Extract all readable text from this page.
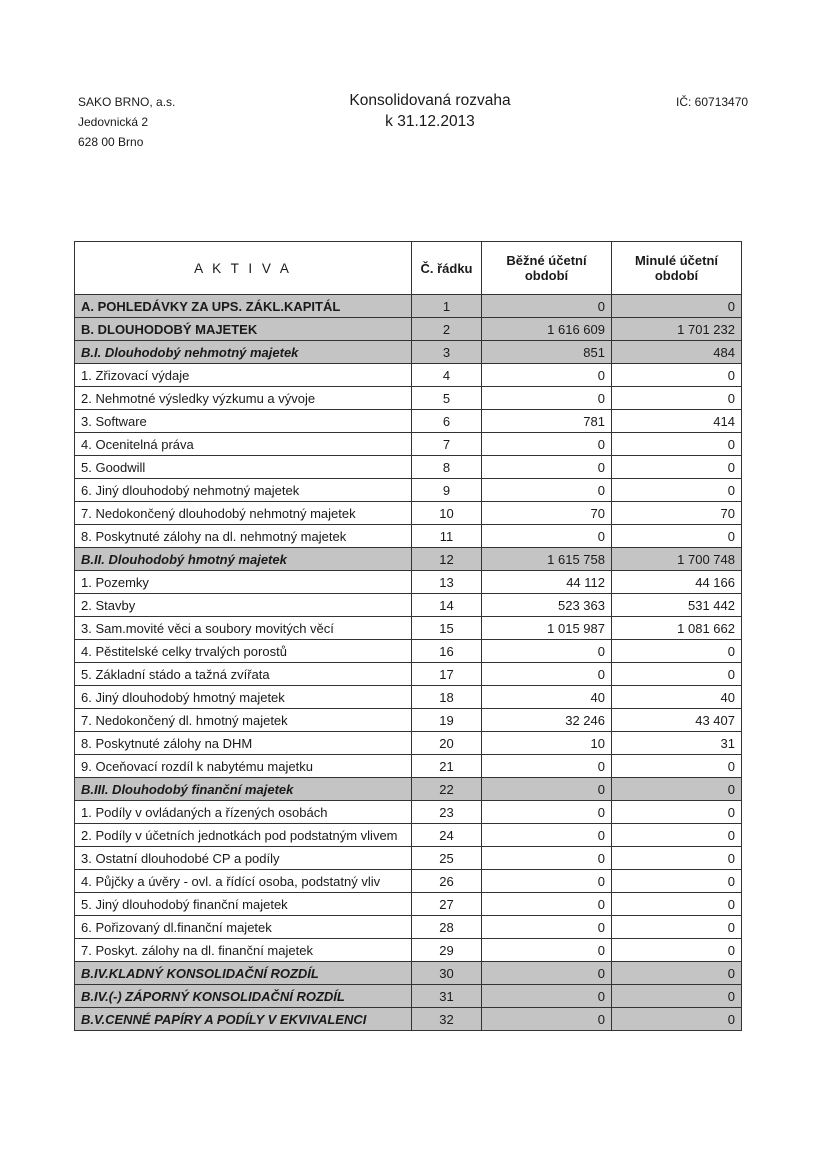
SAKO BRNO, a.s.
Jedovnická 2
628 00 Brno
Konsolidovaná rozvaha
k 31.12.2013
IČ: 60713470
A K T I V A	Č. řádku	Běžné účetní období	Minulé účetní období
A. POHLEDÁVKY ZA UPS. ZÁKL.KAPITÁL	1	0	0
B. DLOUHODOBÝ MAJETEK	2	1 616 609	1 701 232
B.I. Dlouhodobý nehmotný majetek	3	851	484
1. Zřizovací výdaje	4	0	0
2. Nehmotné výsledky výzkumu a vývoje	5	0	0
3. Software	6	781	414
4. Ocenitelná práva	7	0	0
5. Goodwill	8	0	0
6. Jiný dlouhodobý nehmotný majetek	9	0	0
7. Nedokončený dlouhodobý nehmotný majetek	10	70	70
8. Poskytnuté zálohy na dl. nehmotný majetek	11	0	0
B.II. Dlouhodobý hmotný majetek	12	1 615 758	1 700 748
1. Pozemky	13	44 112	44 166
2. Stavby	14	523 363	531 442
3. Sam.movité věci a soubory movitých věcí	15	1 015 987	1 081 662
4. Pěstitelské celky trvalých porostů	16	0	0
5. Základní stádo a tažná zvířata	17	0	0
6. Jiný dlouhodobý hmotný majetek	18	40	40
7. Nedokončený dl. hmotný majetek	19	32 246	43 407
8. Poskytnuté zálohy na DHM	20	10	31
9. Oceňovací rozdíl k nabytému majetku	21	0	0
B.III. Dlouhodobý finanční majetek	22	0	0
1. Podíly v ovládaných a řízených osobách	23	0	0
2. Podíly v účetních jednotkách pod podstatným vlivem	24	0	0
3. Ostatní dlouhodobé CP a podíly	25	0	0
4. Půjčky a úvěry - ovl. a řídící osoba, podstatný vliv	26	0	0
5. Jiný dlouhodobý finanční majetek	27	0	0
6. Pořizovaný dl.finanční majetek	28	0	0
7. Poskyt. zálohy na dl. finanční majetek	29	0	0
B.IV.KLADNÝ KONSOLIDAČNÍ ROZDÍL	30	0	0
B.IV.(-) ZÁPORNÝ KONSOLIDAČNÍ ROZDÍL	31	0	0
B.V.CENNÉ PAPÍRY A PODÍLY V EKVIVALENCI	32	0	0
